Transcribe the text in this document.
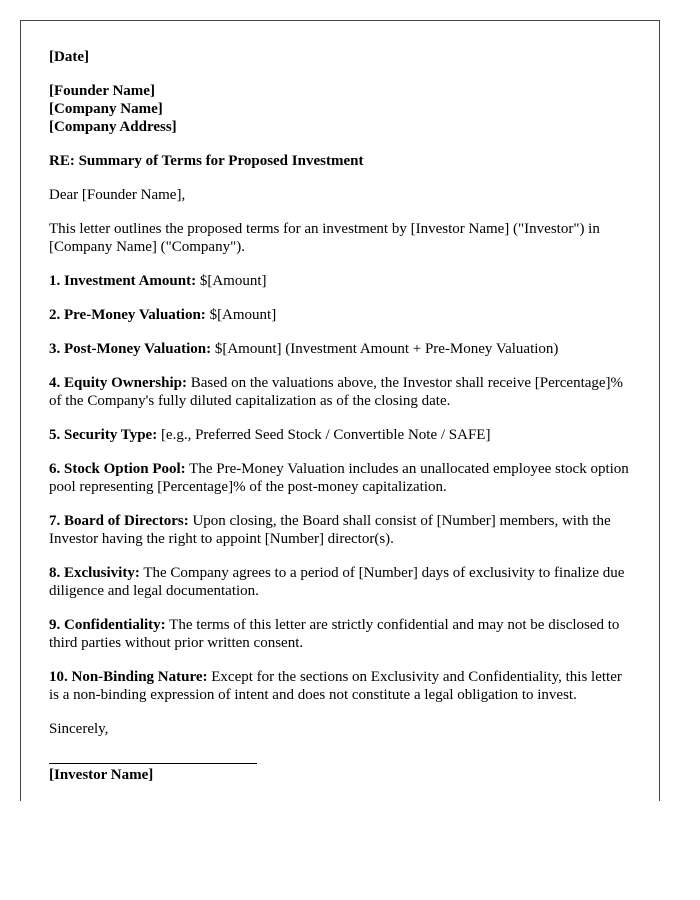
[Date]

[Founder Name]

[Company Name]

[Company Address]

RE: Summary of Terms for Proposed Investment

Dear [Founder Name],

This letter outlines the proposed terms for an investment by [Investor Name] ("Investor") in [Company Name] ("Company").

1. Investment Amount: $[Amount]

2. Pre-Money Valuation: $[Amount]

3. Post-Money Valuation: $[Amount] (Investment Amount + Pre-Money Valuation)

4. Equity Ownership: Based on the valuations above, the Investor shall receive [Percentage]% of the Company's fully diluted capitalization as of the closing date.

5. Security Type: [e.g., Preferred Seed Stock / Convertible Note / SAFE]

6. Stock Option Pool: The Pre-Money Valuation includes an unallocated employee stock option pool representing [Percentage]% of the post-money capitalization.

7. Board of Directors: Upon closing, the Board shall consist of [Number] members, with the Investor having the right to appoint [Number] director(s).

8. Exclusivity: The Company agrees to a period of [Number] days of exclusivity to finalize due diligence and legal documentation.

9. Confidentiality: The terms of this letter are strictly confidential and may not be disclosed to third parties without prior written consent.

10. Non-Binding Nature: Except for the sections on Exclusivity and Confidentiality, this letter is a non-binding expression of intent and does not constitute a legal obligation to invest.

Sincerely,

[Investor Name]
